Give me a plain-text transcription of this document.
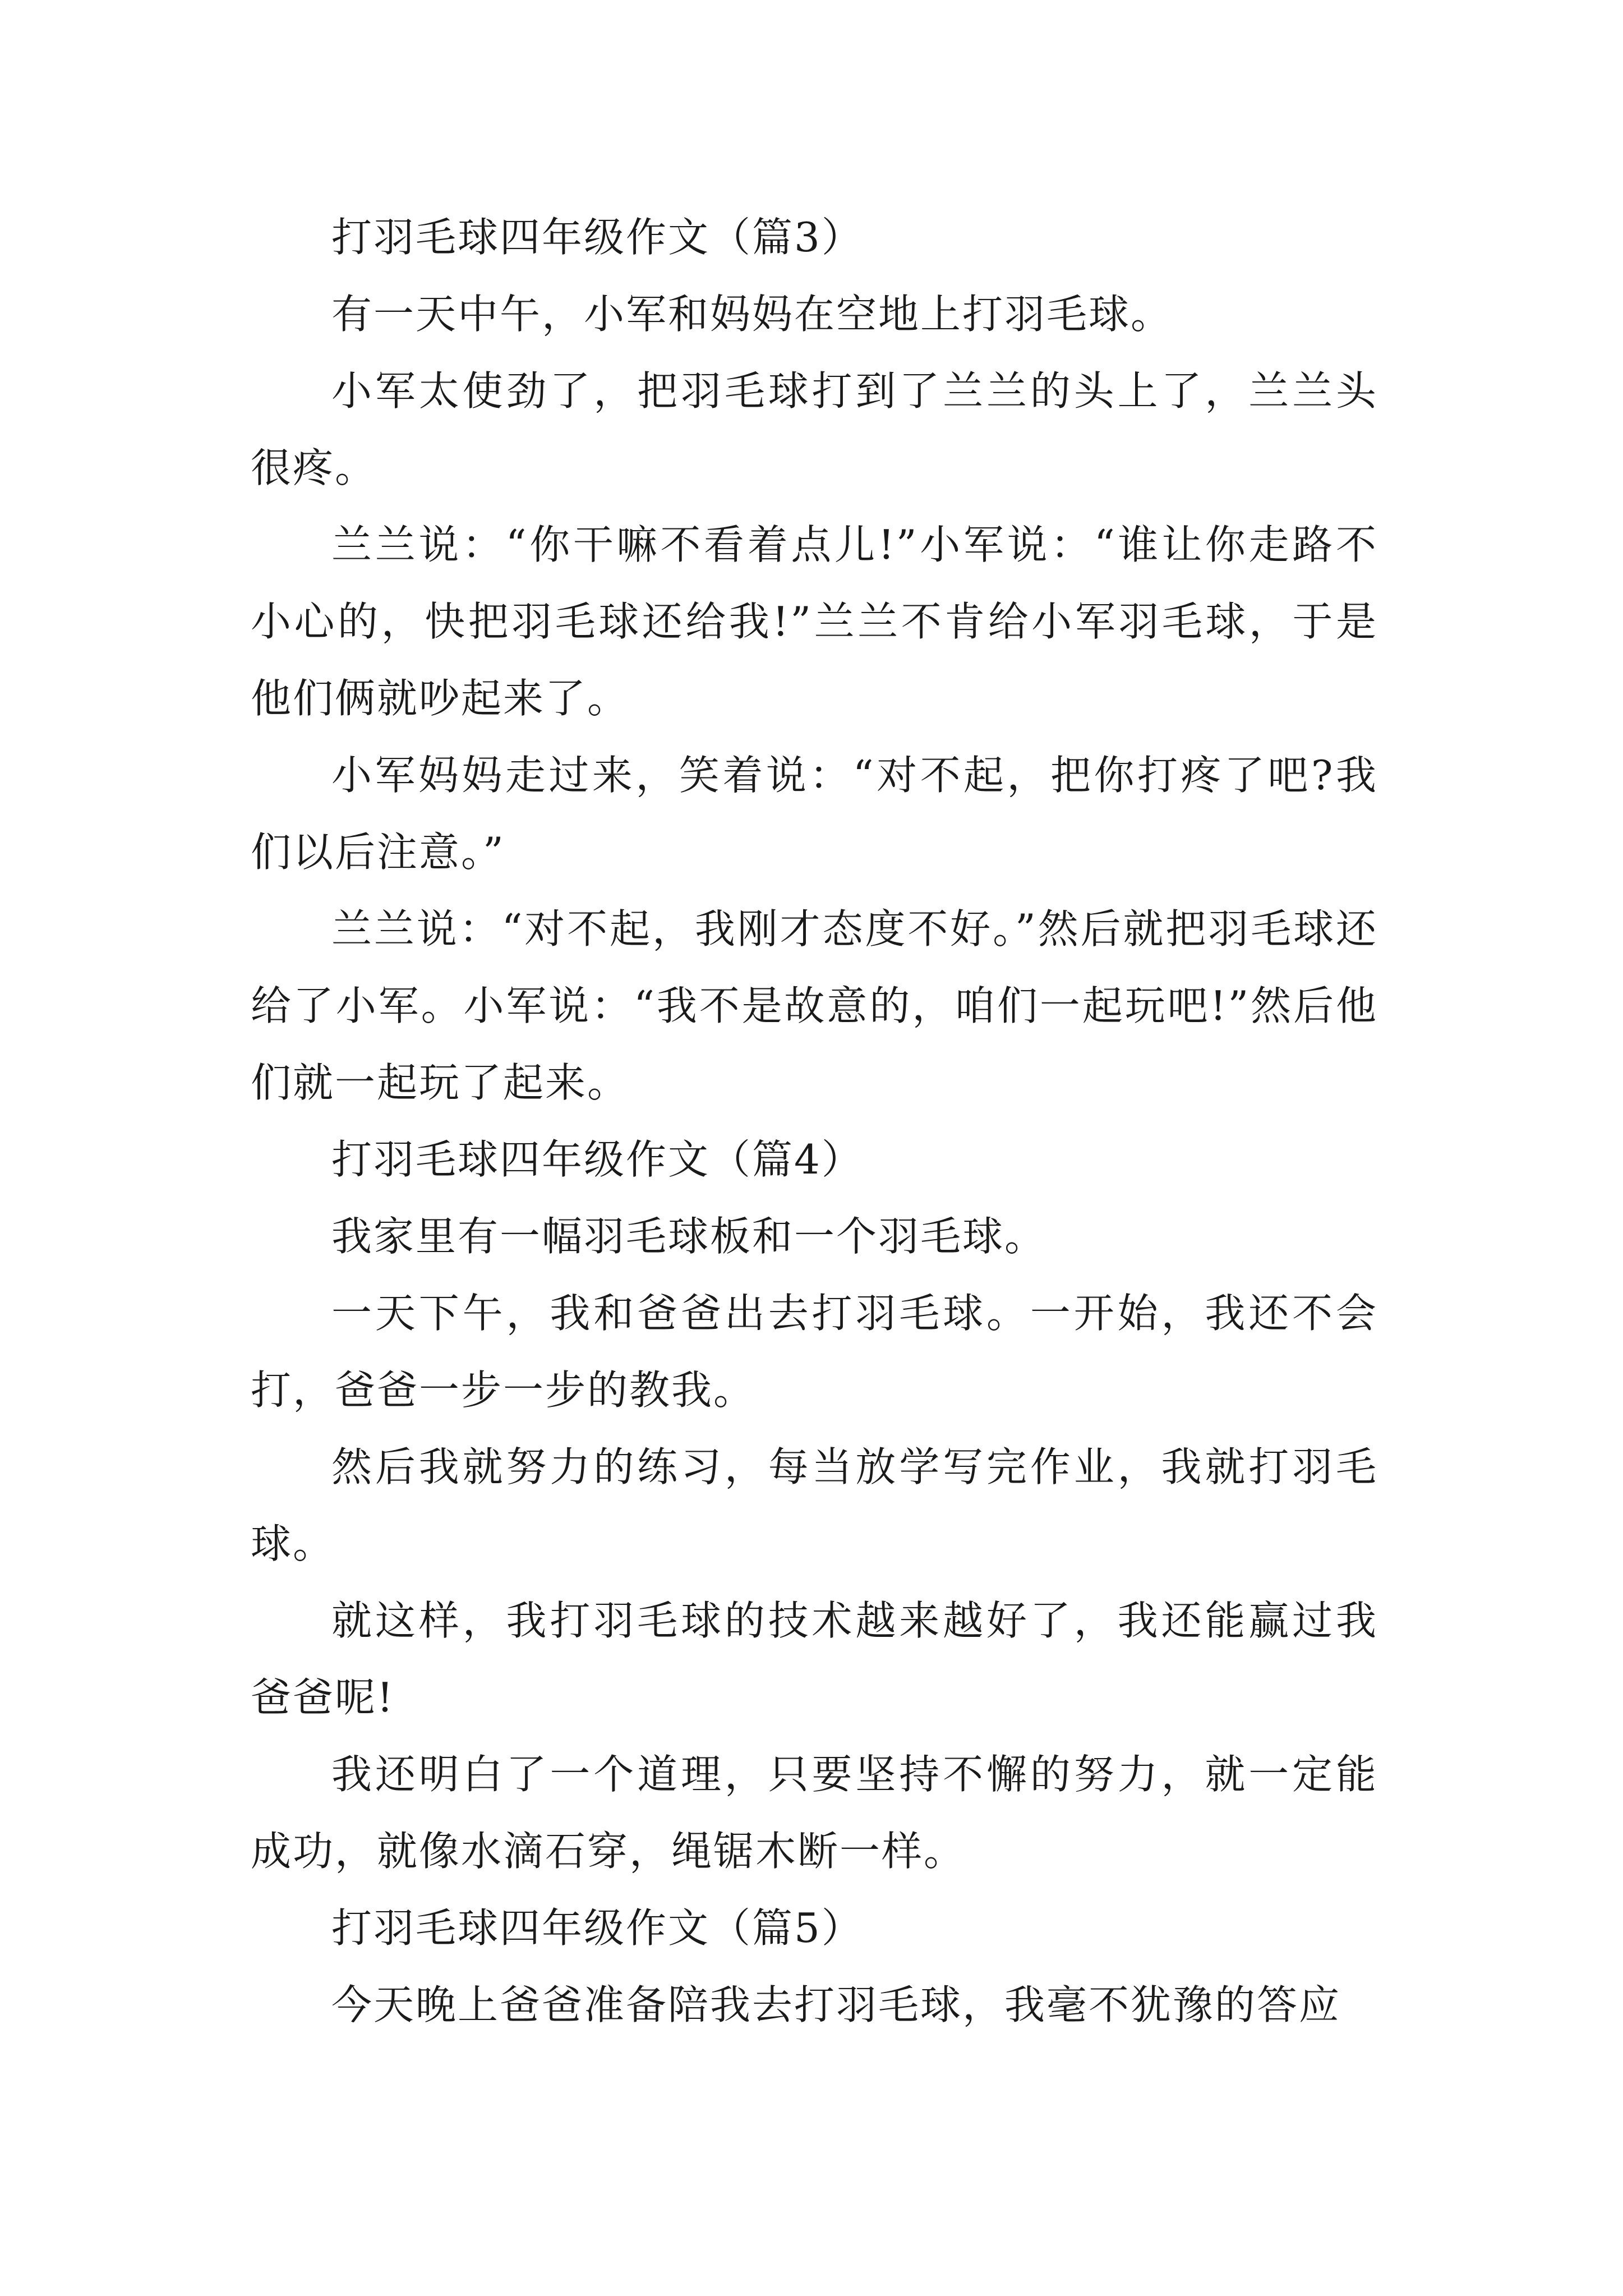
打羽毛球四年级作文（篇3）

有一天中午，小军和妈妈在空地上打羽毛球。

小军太使劲了，把羽毛球打到了兰兰的头上了，兰兰头很疼。

兰兰说：“你干嘛不看着点儿!”小军说：“谁让你走路不小心的，快把羽毛球还给我!”兰兰不肯给小军羽毛球，于是他们俩就吵起来了。

小军妈妈走过来，笑着说：“对不起，把你打疼了吧?我们以后注意。”

兰兰说：“对不起，我刚才态度不好。”然后就把羽毛球还给了小军。小军说：“我不是故意的，咱们一起玩吧!”然后他们就一起玩了起来。

打羽毛球四年级作文（篇4）

我家里有一幅羽毛球板和一个羽毛球。

一天下午，我和爸爸出去打羽毛球。一开始，我还不会打，爸爸一步一步的教我。

然后我就努力的练习，每当放学写完作业，我就打羽毛球。

就这样，我打羽毛球的技术越来越好了，我还能赢过我爸爸呢!

我还明白了一个道理，只要坚持不懈的努力，就一定能成功，就像水滴石穿，绳锯木断一样。

打羽毛球四年级作文（篇5）

今天晚上爸爸准备陪我去打羽毛球，我毫不犹豫的答应
